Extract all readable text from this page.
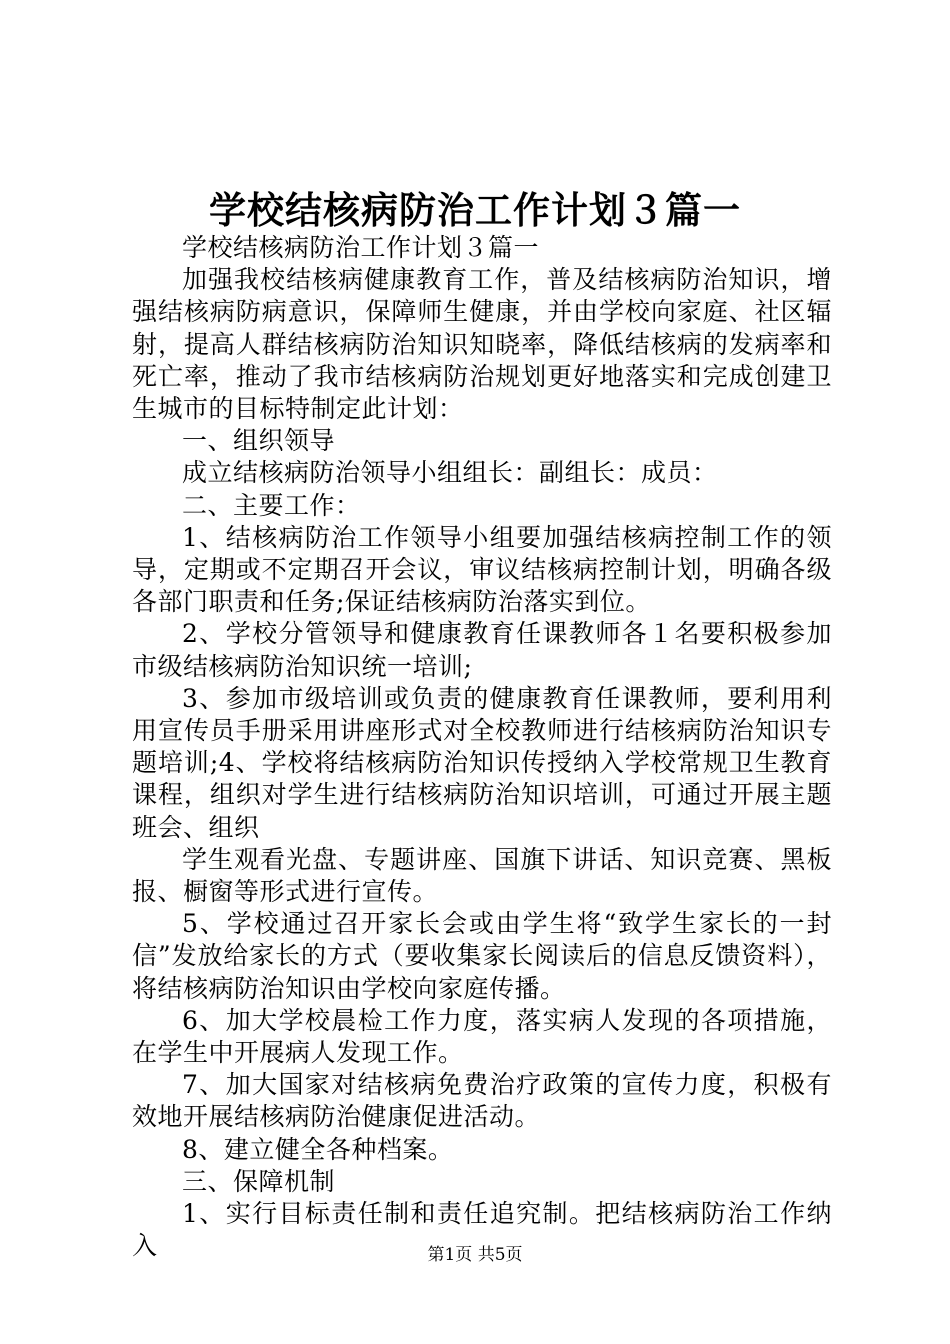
学校结核病防治工作计划３篇一

学校结核病防治工作计划３篇一

加强我校结核病健康教育工作，普及结核病防治知识，增强结核病防病意识，保障师生健康，并由学校向家庭、社区辐射，提高人群结核病防治知识知晓率，降低结核病的发病率和死亡率，推动了我市结核病防治规划更好地落实和完成创建卫生城市的目标特制定此计划：

一、组织领导

成立结核病防治领导小组组长：副组长：成员：

二、主要工作：

1、结核病防治工作领导小组要加强结核病控制工作的领导，定期或不定期召开会议，审议结核病控制计划，明确各级各部门职责和任务;保证结核病防治落实到位。

2、学校分管领导和健康教育任课教师各１名要积极参加市级结核病防治知识统一培训;

3、参加市级培训或负责的健康教育任课教师，要利用利用宣传员手册采用讲座形式对全校教师进行结核病防治知识专题培训;4、学校将结核病防治知识传授纳入学校常规卫生教育课程，组织对学生进行结核病防治知识培训，可通过开展主题班会、组织

学生观看光盘、专题讲座、国旗下讲话、知识竞赛、黑板报、橱窗等形式进行宣传。

5、学校通过召开家长会或由学生将“致学生家长的一封信”发放给家长的方式（要收集家长阅读后的信息反馈资料），将结核病防治知识由学校向家庭传播。

6、加大学校晨检工作力度，落实病人发现的各项措施，在学生中开展病人发现工作。

7、加大国家对结核病免费治疗政策的宣传力度，积极有效地开展结核病防治健康促进活动。

8、建立健全各种档案。

三、保障机制

1、实行目标责任制和责任追究制。把结核病防治工作纳入	第1页 共5页
